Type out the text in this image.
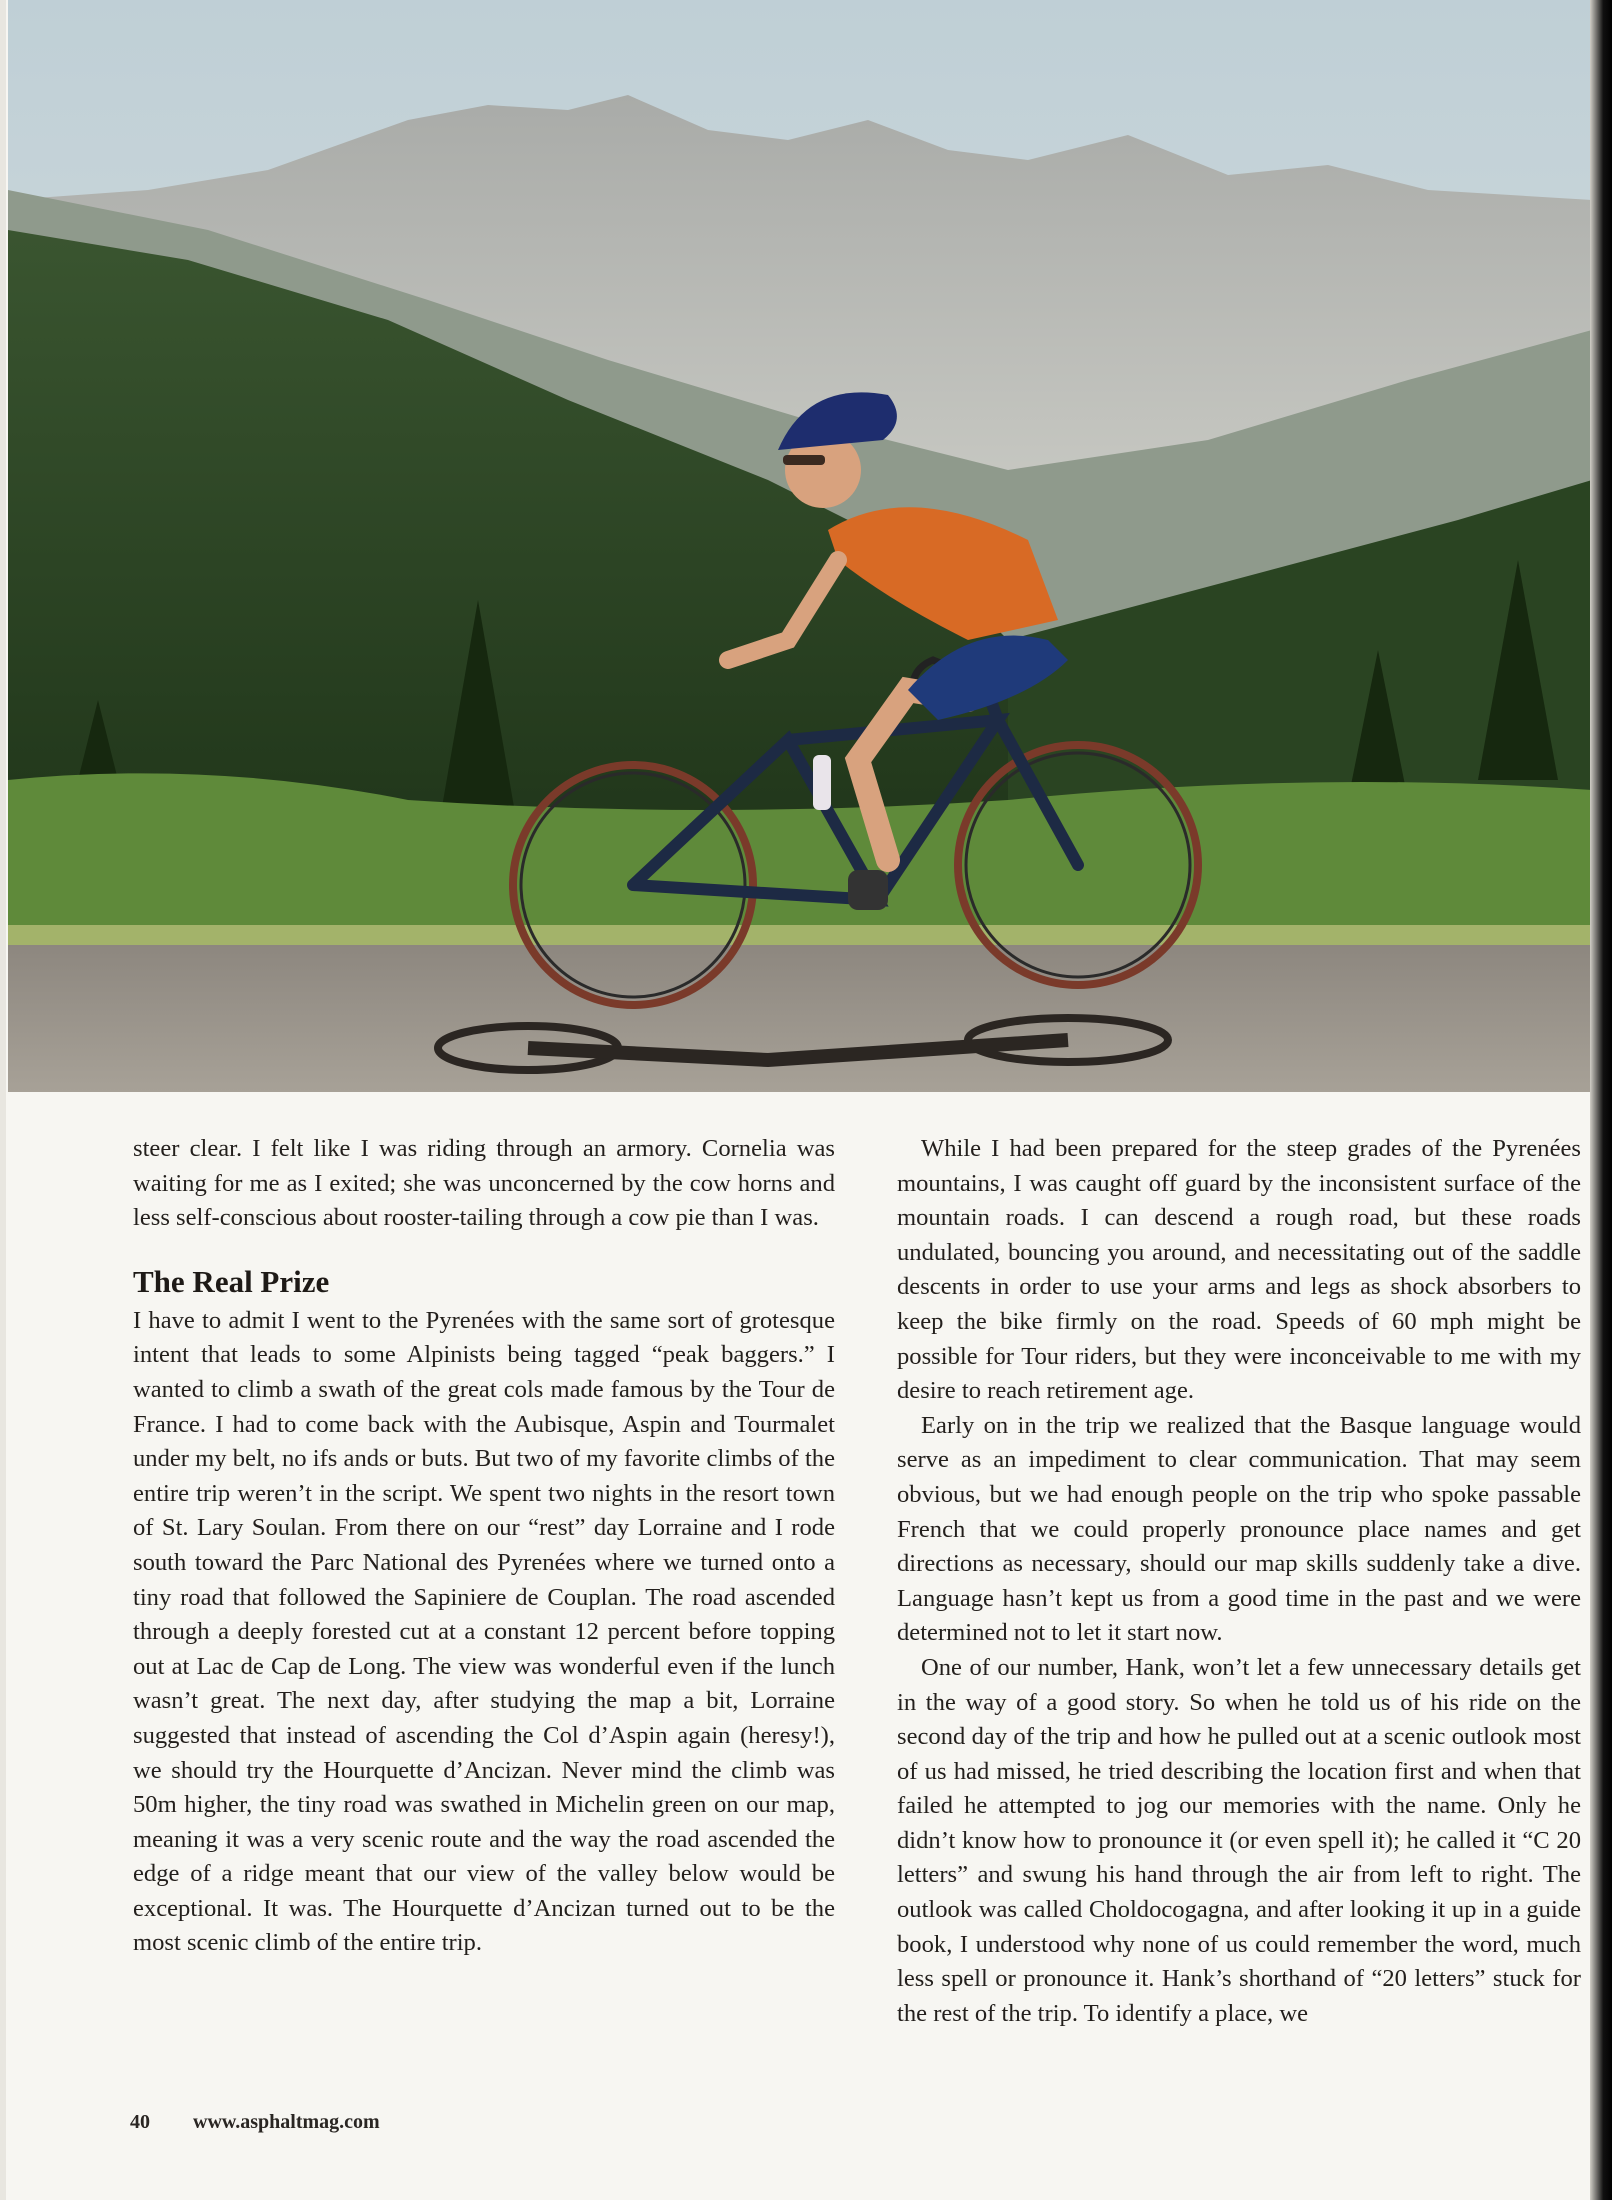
steer clear. I felt like I was riding through an armory. Cornelia was waiting for me as I exited; she was unconcerned by the cow horns and less self-conscious about rooster-tailing through a cow pie than I was.

The Real Prize

I have to admit I went to the Pyrenées with the same sort of grotesque intent that leads to some Alpinists being tagged “peak baggers.” I wanted to climb a swath of the great cols made famous by the Tour de France. I had to come back with the Aubisque, Aspin and Tourmalet under my belt, no ifs ands or buts. But two of my favorite climbs of the entire trip weren’t in the script. We spent two nights in the resort town of St. Lary Soulan. From there on our “rest” day Lorraine and I rode south toward the Parc National des Pyrenées where we turned onto a tiny road that followed the Sapiniere de Couplan. The road ascended through a deeply forested cut at a constant 12 percent before topping out at Lac de Cap de Long. The view was wonderful even if the lunch wasn’t great. The next day, after studying the map a bit, Lorraine suggested that instead of ascending the Col d’Aspin again (heresy!), we should try the Hourquette d’Ancizan. Never mind the climb was 50m higher, the tiny road was swathed in Michelin green on our map, meaning it was a very scenic route and the way the road ascended the edge of a ridge meant that our view of the valley below would be exceptional. It was. The Hourquette d’Ancizan turned out to be the most scenic climb of the entire trip.

While I had been prepared for the steep grades of the Pyrenées mountains, I was caught off guard by the inconsistent surface of the mountain roads. I can descend a rough road, but these roads undulated, bouncing you around, and necessitating out of the saddle descents in order to use your arms and legs as shock absorbers to keep the bike firmly on the road. Speeds of 60 mph might be possible for Tour riders, but they were inconceivable to me with my desire to reach retirement age.

Early on in the trip we realized that the Basque language would serve as an impediment to clear communication. That may seem obvious, but we had enough people on the trip who spoke passable French that we could properly pronounce place names and get directions as necessary, should our map skills suddenly take a dive. Language hasn’t kept us from a good time in the past and we were determined not to let it start now.

One of our number, Hank, won’t let a few unnecessary details get in the way of a good story. So when he told us of his ride on the second day of the trip and how he pulled out at a scenic outlook most of us had missed, he tried describing the location first and when that failed he attempted to jog our memories with the name. Only he didn’t know how to pronounce it (or even spell it); he called it “C 20 letters” and swung his hand through the air from left to right. The outlook was called Choldocogagna, and after looking it up in a guide book, I understood why none of us could remember the word, much less spell or pronounce it. Hank’s shorthand of “20 letters” stuck for the rest of the trip. To identify a place, we

40 www.asphaltmag.com
